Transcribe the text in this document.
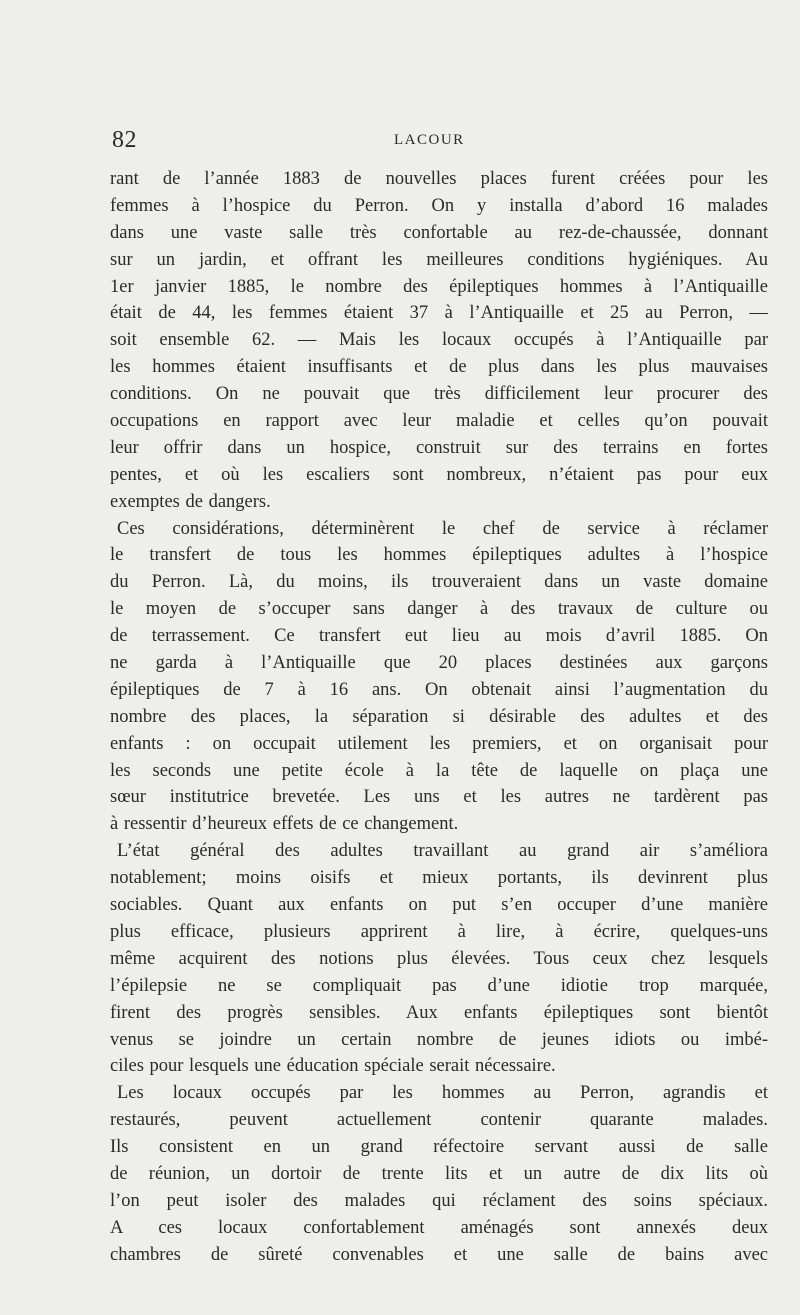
82	LACOUR
rant de l’année 1883 de nouvelles places furent créées pour les
femmes à l’hospice du Perron. On y installa d’abord 16 malades
dans une vaste salle très confortable au rez-de-chaussée, donnant
sur un jardin, et offrant les meilleures conditions hygiéniques. Au
1er janvier 1885, le nombre des épileptiques hommes à l’Antiquaille
était de 44, les femmes étaient 37 à l’Antiquaille et 25 au Perron, —
soit ensemble 62. — Mais les locaux occupés à l’Antiquaille par
les hommes étaient insuffisants et de plus dans les plus mauvaises
conditions. On ne pouvait que très difficilement leur procurer des
occupations en rapport avec leur maladie et celles qu’on pouvait
leur offrir dans un hospice, construit sur des terrains en fortes
pentes, et où les escaliers sont nombreux, n’étaient pas pour eux
exemptes de dangers.
Ces considérations, déterminèrent le chef de service à réclamer
le transfert de tous les hommes épileptiques adultes à l’hospice
du Perron. Là, du moins, ils trouveraient dans un vaste domaine
le moyen de s’occuper sans danger à des travaux de culture ou
de terrassement. Ce transfert eut lieu au mois d’avril 1885. On
ne garda à l’Antiquaille que 20 places destinées aux garçons
épileptiques de 7 à 16 ans. On obtenait ainsi l’augmentation du
nombre des places, la séparation si désirable des adultes et des
enfants : on occupait utilement les premiers, et on organisait pour
les seconds une petite école à la tête de laquelle on plaça une
sœur institutrice brevetée. Les uns et les autres ne tardèrent pas
à ressentir d’heureux effets de ce changement.
L’état général des adultes travaillant au grand air s’améliora
notablement; moins oisifs et mieux portants, ils devinrent plus
sociables. Quant aux enfants on put s’en occuper d’une manière
plus efficace, plusieurs apprirent à lire, à écrire, quelques-uns
même acquirent des notions plus élevées. Tous ceux chez lesquels
l’épilepsie ne se compliquait pas d’une idiotie trop marquée,
firent des progrès sensibles. Aux enfants épileptiques sont bientôt
venus se joindre un certain nombre de jeunes idiots ou imbé-
ciles pour lesquels une éducation spéciale serait nécessaire.
Les locaux occupés par les hommes au Perron, agrandis et
restaurés, peuvent actuellement contenir quarante malades.
Ils consistent en un grand réfectoire servant aussi de salle
de réunion, un dortoir de trente lits et un autre de dix lits où
l’on peut isoler des malades qui réclament des soins spéciaux.
A ces locaux confortablement aménagés sont annexés deux
chambres de sûreté convenables et une salle de bains avec
